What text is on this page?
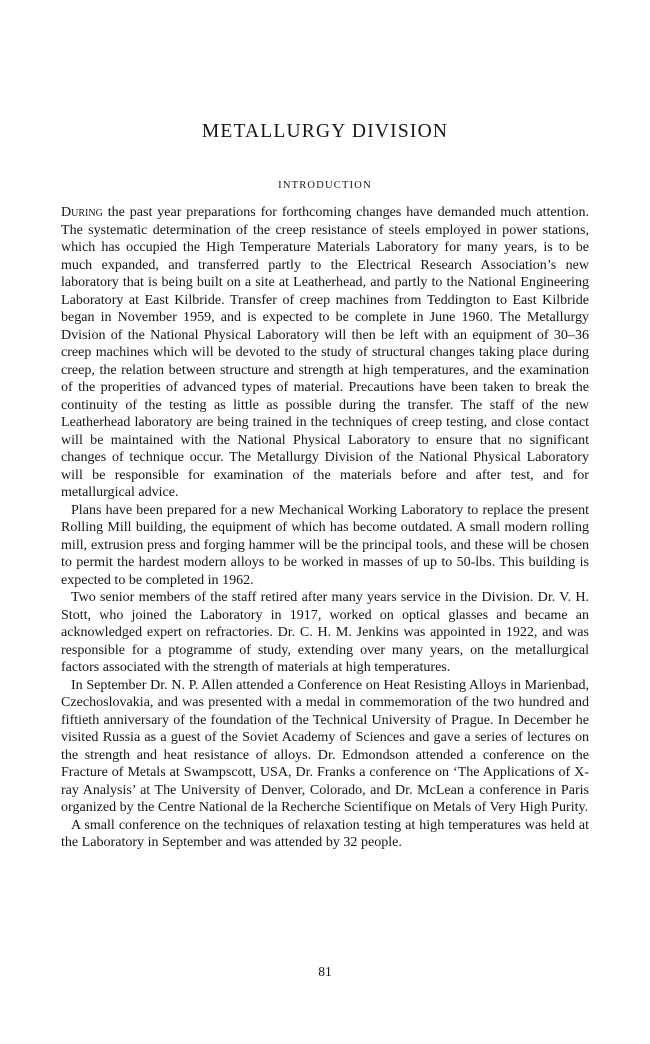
METALLURGY DIVISION
INTRODUCTION

During the past year preparations for forthcoming changes have demanded much attention. The systematic determination of the creep resistance of steels employed in power stations, which has occupied the High Temperature Materials Laboratory for many years, is to be much expanded, and transferred partly to the Electrical Research Association’s new laboratory that is being built on a site at Leatherhead, and partly to the National Engineering Laboratory at East Kilbride. Transfer of creep machines from Teddington to East Kilbride began in November 1959, and is expected to be complete in June 1960. The Metallurgy Dvision of the National Physical Laboratory will then be left with an equipment of 30–36 creep machines which will be devoted to the study of structural changes taking place during creep, the relation between structure and strength at high temperatures, and the examination of the properities of advanced types of material. Precautions have been taken to break the continuity of the testing as little as possible during the transfer. The staff of the new Leatherhead laboratory are being trained in the techniques of creep testing, and close contact will be maintained with the National Physical Laboratory to ensure that no significant changes of technique occur. The Metallurgy Division of the National Physical Laboratory will be responsible for examination of the materials before and after test, and for metallurgical advice.

Plans have been prepared for a new Mechanical Working Laboratory to replace the present Rolling Mill building, the equipment of which has become outdated. A small modern rolling mill, extrusion press and forging hammer will be the principal tools, and these will be chosen to permit the hardest modern alloys to be worked in masses of up to 50-lbs. This building is expected to be completed in 1962.

Two senior members of the staff retired after many years service in the Division. Dr. V. H. Stott, who joined the Laboratory in 1917, worked on optical glasses and became an acknowledged expert on refractories. Dr. C. H. M. Jenkins was appointed in 1922, and was responsible for a ptogramme of study, extending over many years, on the metallurgical factors associated with the strength of materials at high temperatures.

In September Dr. N. P. Allen attended a Conference on Heat Resisting Alloys in Marienbad, Czechoslovakia, and was presented with a medal in commemoration of the two hundred and fiftieth anniversary of the foundation of the Technical University of Prague. In December he visited Russia as a guest of the Soviet Academy of Sciences and gave a series of lectures on the strength and heat resistance of alloys. Dr. Edmondson attended a conference on the Fracture of Metals at Swampscott, USA, Dr. Franks a conference on ‘The Applications of X-ray Analysis’ at The University of Denver, Colorado, and Dr. McLean a conference in Paris organized by the Centre National de la Recherche Scientifique on Metals of Very High Purity.

A small conference on the techniques of relaxation testing at high temperatures was held at the Laboratory in September and was attended by 32 people.

81
